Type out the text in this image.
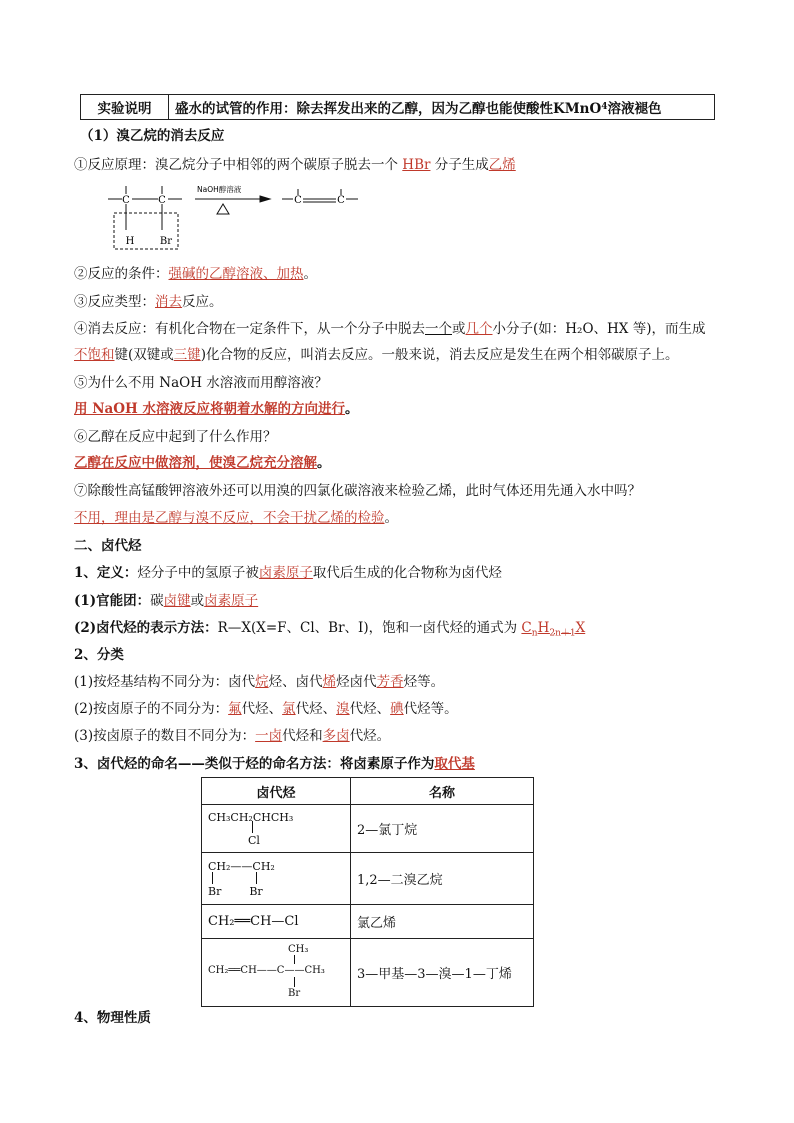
实验说明	盛水的试管的作用：除去挥发出来的乙醇，因为乙醇也能使酸性KMnO 4 溶液褪色
（1）溴乙烷的消去反应
①反应原理：溴乙烷分子中相邻的两个碳原子脱去一个 HBr 分子生成乙烯
C	C
H	Br
NaOH醇溶液
C	C
②反应的条件：强碱的乙醇溶液、加热。
③反应类型：消去反应。
④消去反应：有机化合物在一定条件下，从一个分子中脱去一个或几个小分子(如：H₂O、HX 等)，而生成
不饱和键(双键或三键)化合物的反应，叫消去反应。一般来说，消去反应是发生在两个相邻碳原子上。
⑤为什么不用 NaOH 水溶液而用醇溶液？
用 NaOH 水溶液反应将朝着水解的方向进行。
⑥乙醇在反应中起到了什么作用？
乙醇在反应中做溶剂，使溴乙烷充分溶解。
⑦除酸性高锰酸钾溶液外还可以用溴的四氯化碳溶液来检验乙烯，此时气体还用先通入水中吗？
不用，理由是乙醇与溴不反应，不会干扰乙烯的检验。
二、卤代烃
1、定义：烃分子中的氢原子被卤素原子取代后生成的化合物称为卤代烃
(1)官能团：碳卤键或卤素原子
(2)卤代烃的表示方法：R—X(X=F、Cl、Br、I)，饱和一卤代烃的通式为 $C_nH_{2n+1}X$
2、分类
(1)按烃基结构不同分为：卤代烷烃、卤代烯烃卤代芳香烃等。
(2)按卤原子的不同分为：氟代烃、氯代烃、溴代烃、碘代烃等。
(3)按卤原子的数目不同分为：一卤代烃和多卤代烃。
3、卤代烃的命名——类似于烃的命名方法：将卤素原子作为取代基
卤代烃	名称

CH₃CH₂CHCH₃
Cl	2—氯丁烷

CH₂——CH₂
Br        Br	1,2—二溴乙烷
CH₂══CH—Cl	氯乙烯

CH₃
CH₂══CH——C——CH₃
Br	3—甲基—3—溴—1—丁烯
4、物理性质
